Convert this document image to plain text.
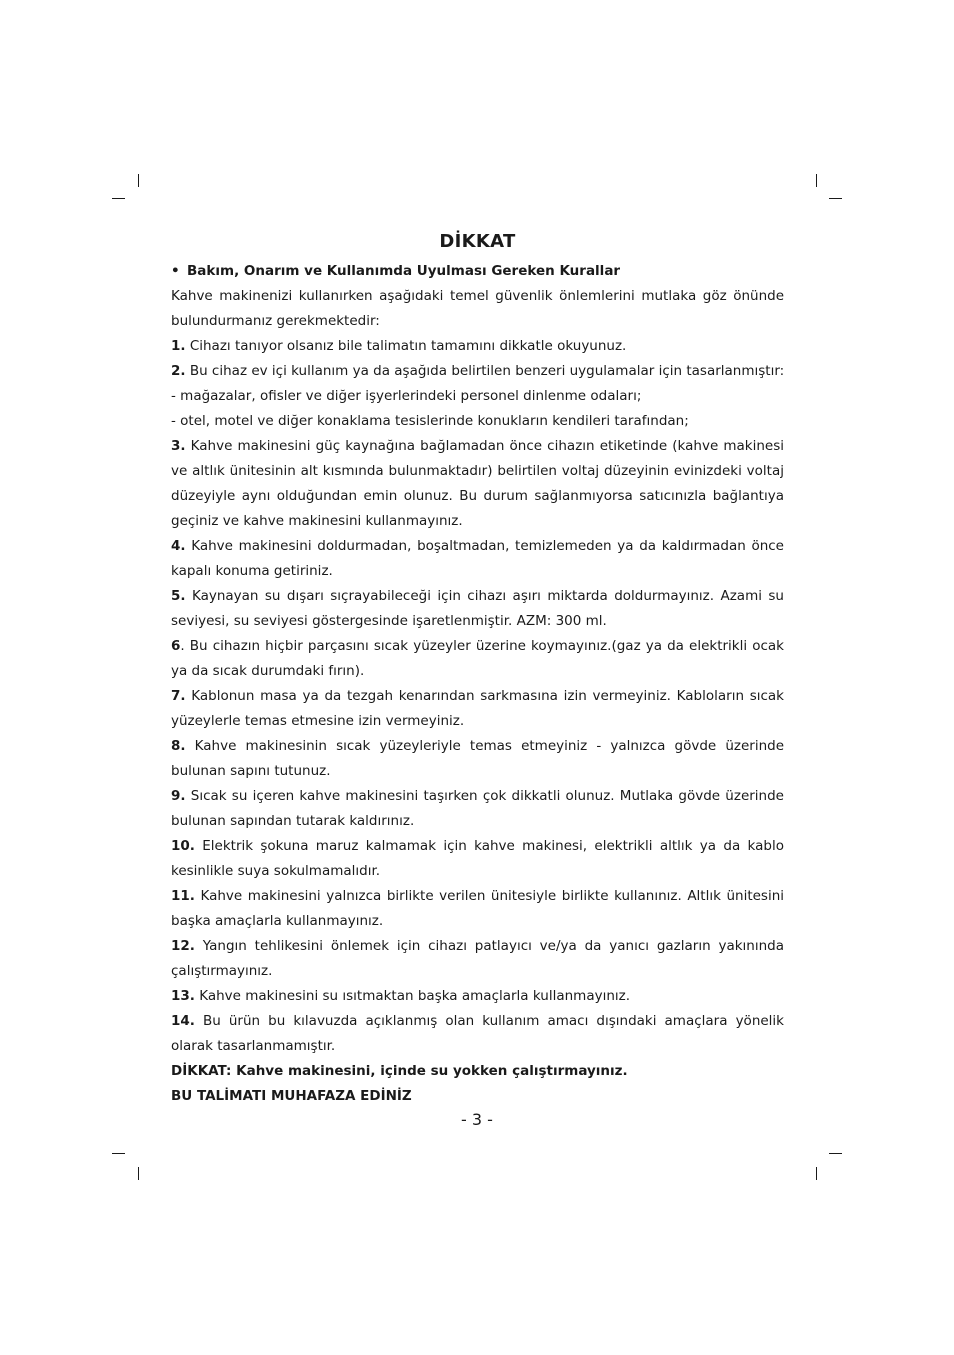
DİKKAT

• Bakım, Onarım ve Kullanımda Uyulması Gereken Kurallar

Kahve makinenizi kullanırken aşağıdaki temel güvenlik önlemlerini mutlaka göz önünde

bulundurmanız gerekmektedir:

1. Cihazı tanıyor olsanız bile talimatın tamamını dikkatle okuyunuz.

2. Bu cihaz ev içi kullanım ya da aşağıda belirtilen benzeri uygulamalar için tasarlanmıştır:

- mağazalar, ofisler ve diğer işyerlerindeki personel dinlenme odaları;

- otel, motel ve diğer konaklama tesislerinde konukların kendileri tarafından;

3. Kahve makinesini güç kaynağına bağlamadan önce cihazın etiketinde (kahve makinesi

ve altlık ünitesinin alt kısmında bulunmaktadır) belirtilen voltaj düzeyinin evinizdeki voltaj

düzeyiyle aynı olduğundan emin olunuz. Bu durum sağlanmıyorsa satıcınızla bağlantıya

geçiniz ve kahve makinesini kullanmayınız.

4. Kahve makinesini doldurmadan, boşaltmadan, temizlemeden ya da kaldırmadan önce

kapalı konuma getiriniz.

5. Kaynayan su dışarı sıçrayabileceği için cihazı aşırı miktarda doldurmayınız. Azami su

seviyesi, su seviyesi göstergesinde işaretlenmiştir. AZM: 300 ml.

6. Bu cihazın hiçbir parçasını sıcak yüzeyler üzerine koymayınız.(gaz ya da elektrikli ocak

ya da sıcak durumdaki fırın).

7. Kablonun masa ya da tezgah kenarından sarkmasına izin vermeyiniz. Kabloların sıcak

yüzeylerle temas etmesine izin vermeyiniz.

8. Kahve makinesinin sıcak yüzeyleriyle temas etmeyiniz - yalnızca gövde üzerinde

bulunan sapını tutunuz.

9. Sıcak su içeren kahve makinesini taşırken çok dikkatli olunuz. Mutlaka gövde üzerinde

bulunan sapından tutarak kaldırınız.

10. Elektrik şokuna maruz kalmamak için kahve makinesi, elektrikli altlık ya da kablo

kesinlikle suya sokulmamalıdır.

11. Kahve makinesini yalnızca birlikte verilen ünitesiyle birlikte kullanınız. Altlık ünitesini

başka amaçlarla kullanmayınız.

12. Yangın tehlikesini önlemek için cihazı patlayıcı ve/ya da yanıcı gazların yakınında

çalıştırmayınız.

13. Kahve makinesini su ısıtmaktan başka amaçlarla kullanmayınız.

14. Bu ürün bu kılavuzda açıklanmış olan kullanım amacı dışındaki amaçlara yönelik

olarak tasarlanmamıştır.

DİKKAT: Kahve makinesini, içinde su yokken çalıştırmayınız.

BU TALİMATI MUHAFAZA EDİNİZ

- 3 -
